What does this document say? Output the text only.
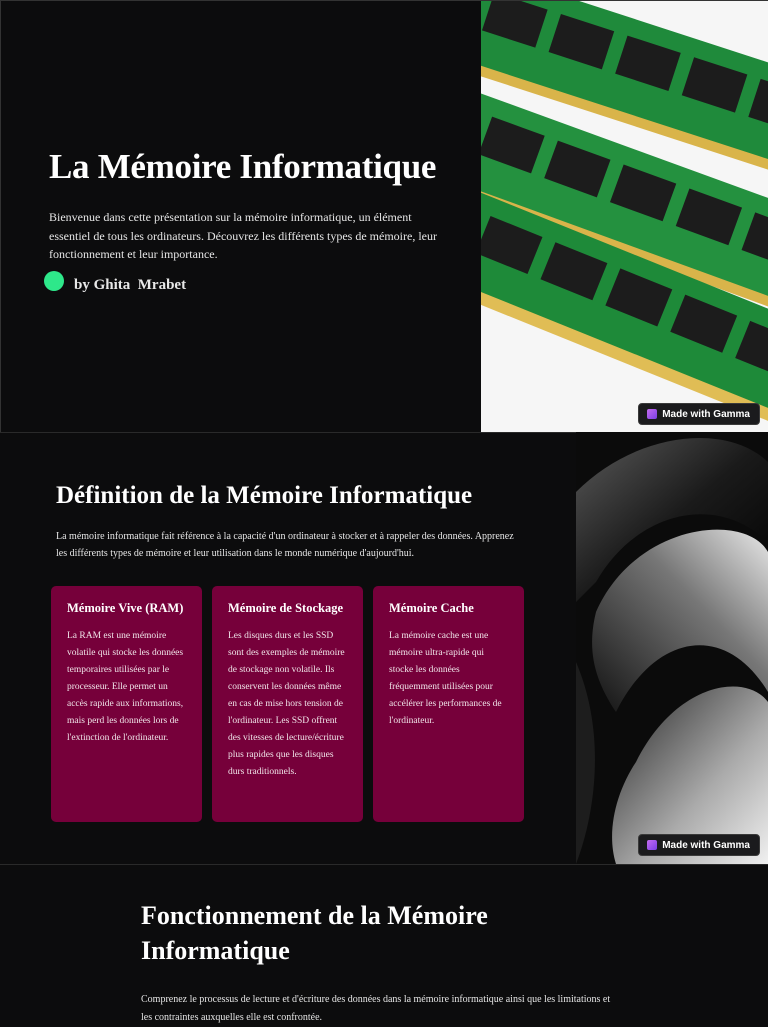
La Mémoire Informatique

Bienvenue dans cette présentation sur la mémoire informatique, un élément essentiel de tous les ordinateurs. Découvrez les différents types de mémoire, leur fonctionnement et leur importance.

by Ghita  Mrabet
Made with Gamma
Définition de la Mémoire Informatique

La mémoire informatique fait référence à la capacité d'un ordinateur à stocker et à rappeler des données. Apprenez les différents types de mémoire et leur utilisation dans le monde numérique d'aujourd'hui.

Mémoire Vive (RAM)

La RAM est une mémoire volatile qui stocke les données temporaires utilisées par le processeur. Elle permet un accès rapide aux informations, mais perd les données lors de l'extinction de l'ordinateur.

Mémoire de Stockage

Les disques durs et les SSD sont des exemples de mémoire de stockage non volatile. Ils conservent les données même en cas de mise hors tension de l'ordinateur. Les SSD offrent des vitesses de lecture/écriture plus rapides que les disques durs traditionnels.

Mémoire Cache

La mémoire cache est une mémoire ultra-rapide qui stocke les données fréquemment utilisées pour accélérer les performances de l'ordinateur.

Made with Gamma
Fonctionnement de la Mémoire Informatique

Comprenez le processus de lecture et d'écriture des données dans la mémoire informatique ainsi que les limitations et les contraintes auxquelles elle est confrontée.
